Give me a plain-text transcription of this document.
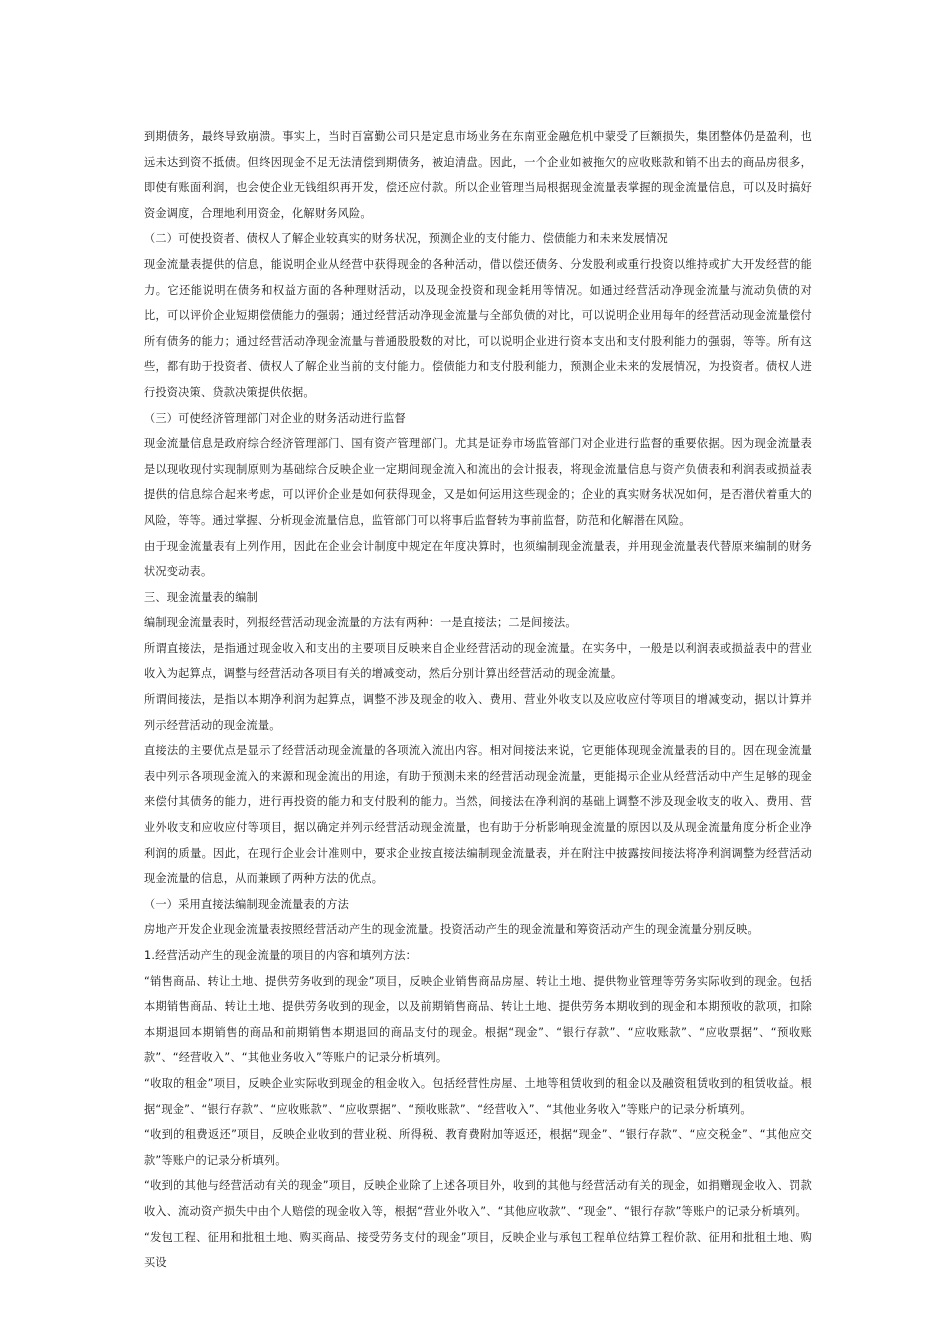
到期债务，最终导致崩溃。事实上，当时百富勤公司只是定息市场业务在东南亚金融危机中蒙受了巨额损失，集团整体仍是盈利，也远未达到资不抵债。但终因现金不足无法清偿到期债务，被迫清盘。因此，一个企业如被拖欠的应收账款和销不出去的商品房很多，即使有账面利润，也会使企业无钱组织再开发，偿还应付款。所以企业管理当局根据现金流量表掌握的现金流量信息，可以及时搞好资金调度，合理地利用资金，化解财务风险。

（二）可使投资者、债权人了解企业较真实的财务状况，预测企业的支付能力、偿债能力和未来发展情况

现金流量表提供的信息，能说明企业从经营中获得现金的各种活动，借以偿还债务、分发股利或重行投资以维持或扩大开发经营的能力。它还能说明在债务和权益方面的各种理财活动，以及现金投资和现金耗用等情况。如通过经营活动净现金流量与流动负债的对比，可以评价企业短期偿债能力的强弱；通过经营活动净现金流量与全部负债的对比，可以说明企业用每年的经营活动现金流量偿付所有债务的能力；通过经营活动净现金流量与普通股股数的对比，可以说明企业进行资本支出和支付股利能力的强弱，等等。所有这些，都有助于投资者、债权人了解企业当前的支付能力。偿债能力和支付股利能力，预测企业未来的发展情况，为投资者。债权人进行投资决策、贷款决策提供依据。

（三）可使经济管理部门对企业的财务活动进行监督

现金流量信息是政府综合经济管理部门、国有资产管理部门。尤其是证券市场监管部门对企业进行监督的重要依据。因为现金流量表是以现收现付实现制原则为基础综合反映企业一定期间现金流入和流出的会计报表，将现金流量信息与资产负债表和利润表或损益表提供的信息综合起来考虑，可以评价企业是如何获得现金，又是如何运用这些现金的；企业的真实财务状况如何，是否潜伏着重大的风险，等等。通过掌握、分析现金流量信息，监管部门可以将事后监督转为事前监督，防范和化解潜在风险。

由于现金流量表有上列作用，因此在企业会计制度中规定在年度决算时，也须编制现金流量表，并用现金流量表代替原来编制的财务状况变动表。

三、现金流量表的编制

编制现金流量表时，列报经营活动现金流量的方法有两种：一是直接法；二是间接法。

所谓直接法，是指通过现金收入和支出的主要项目反映来自企业经营活动的现金流量。在实务中，一般是以利润表或损益表中的营业收入为起算点，调整与经营活动各项目有关的增减变动，然后分别计算出经营活动的现金流量。

所谓间接法，是指以本期净利润为起算点，调整不涉及现金的收入、费用、营业外收支以及应收应付等项目的增减变动，据以计算并列示经营活动的现金流量。

直接法的主要优点是显示了经营活动现金流量的各项流入流出内容。相对间接法来说，它更能体现现金流量表的目的。因在现金流量表中列示各项现金流入的来源和现金流出的用途，有助于预测未来的经营活动现金流量，更能揭示企业从经营活动中产生足够的现金来偿付其债务的能力，进行再投资的能力和支付股利的能力。当然，间接法在净利润的基础上调整不涉及现金收支的收入、费用、营业外收支和应收应付等项目，据以确定并列示经营活动现金流量，也有助于分析影响现金流量的原因以及从现金流量角度分析企业净利润的质量。因此，在现行企业会计准则中，要求企业按直接法编制现金流量表，并在附注中披露按间接法将净利润调整为经营活动现金流量的信息，从而兼顾了两种方法的优点。

（一）采用直接法编制现金流量表的方法

房地产开发企业现金流量表按照经营活动产生的现金流量。投资活动产生的现金流量和筹资活动产生的现金流量分别反映。

1.经营活动产生的现金流量的项目的内容和填列方法：

“销售商品、转让土地、提供劳务收到的现金”项目，反映企业销售商品房屋、转让土地、提供物业管理等劳务实际收到的现金。包括本期销售商品、转让土地、提供劳务收到的现金，以及前期销售商品、转让土地、提供劳务本期收到的现金和本期预收的款项，扣除本期退回本期销售的商品和前期销售本期退回的商品支付的现金。根据“现金”、“银行存款”、“应收账款”、“应收票据”、“预收账款”、“经营收入”、“其他业务收入”等账户的记录分析填列。

“收取的租金”项目，反映企业实际收到现金的租金收入。包括经营性房屋、土地等租赁收到的租金以及融资租赁收到的租赁收益。根据“现金”、“银行存款”、“应收账款”、“应收票据”、“预收账款”、“经营收入”、“其他业务收入”等账户的记录分析填列。

“收到的租费返还”项目，反映企业收到的营业税、所得税、教育费附加等返还，根据“现金”、“银行存款”、“应交税金”、“其他应交款”等账户的记录分析填列。

“收到的其他与经营活动有关的现金”项目，反映企业除了上述各项目外，收到的其他与经营活动有关的现金，如捐赠现金收入、罚款收入、流动资产损失中由个人赔偿的现金收入等，根据“营业外收入”、“其他应收款”、“现金”、“银行存款”等账户的记录分析填列。

“发包工程、征用和批租土地、购买商品、接受劳务支付的现金”项目，反映企业与承包工程单位结算工程价款、征用和批租土地、购买设
